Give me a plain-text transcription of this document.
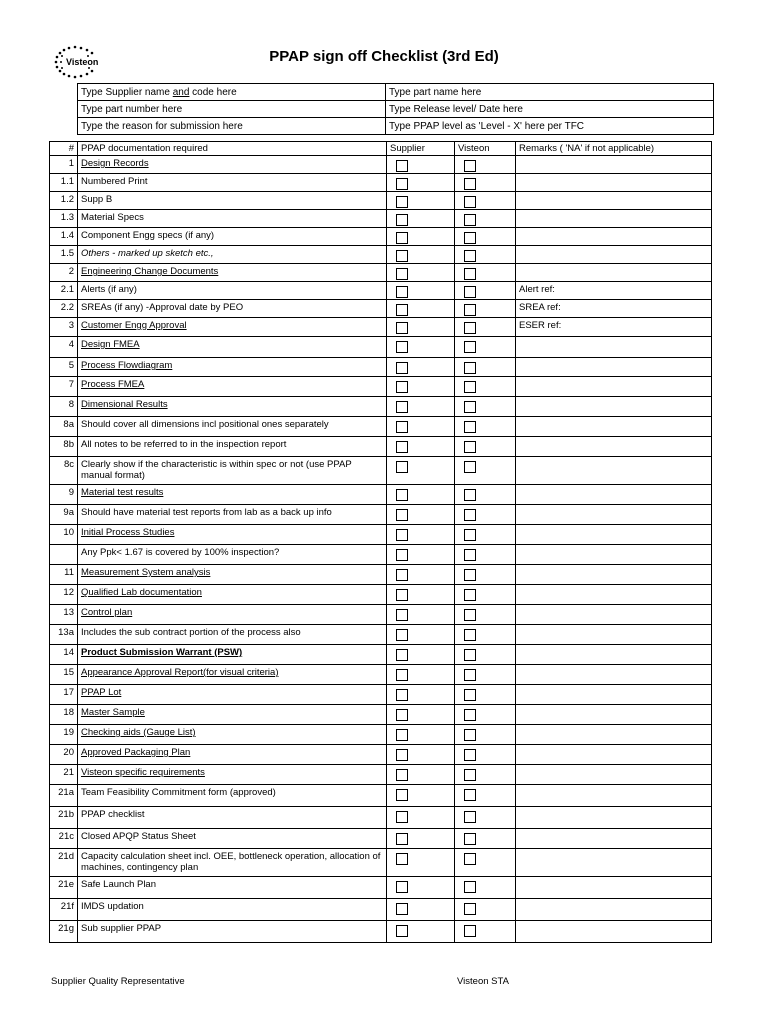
Visteon	PPAP sign off Checklist (3rd Ed)
Type Supplier name and code here	Type part name here
Type part number here	Type Release level/ Date here
Type the reason for submission here	Type PPAP level as 'Level - X' here per TFC
#	PPAP documentation required	Supplier	Visteon	Remarks ( 'NA' if not applicable)
1	Design Records	

1.1	Numbered Print	

1.2	Supp B	

1.3	Material Specs	

1.4	Component Engg specs (if any)	

1.5	Others - marked up sketch etc.,	

2	Engineering Change Documents	

2.1	Alerts (if any)			Alert ref:
2.2	SREAs (if any) -Approval date by PEO			SREA ref:
3	Customer Engg Approval			ESER ref:
4	Design FMEA	

5	Process Flowdiagram	

7	Process FMEA	

8	Dimensional Results	

8a	Should cover all dimensions incl positional ones separately	

8b	All notes to be referred to in the inspection report	

8c	Clearly show if the characteristic is within spec or not (use PPAP manual format)	

9	Material test results	

9a	Should have material test reports from lab as a back up info	

10	Initial Process Studies	

	Any Ppk< 1.67 is covered by 100% inspection?	

11	Measurement System analysis	

12	Qualified Lab documentation	

13	Control plan	

13a	Includes the sub contract portion of the process also	

14	Product Submission Warrant (PSW)	

15	Appearance Approval Report(for visual criteria)	

17	PPAP Lot	

18	Master Sample	

19	Checking aids (Gauge List)	

20	Approved Packaging Plan	

21	Visteon specific requirements	

21a	Team Feasibility Commitment form (approved)	

21b	PPAP checklist	

21c	Closed APQP Status Sheet	

21d	Capacity calculation sheet incl. OEE, bottleneck operation, allocation of machines, contingency plan	

21e	Safe Launch Plan	

21f	IMDS updation	

21g	Sub supplier PPAP	

Supplier Quality Representative	Visteon STA
